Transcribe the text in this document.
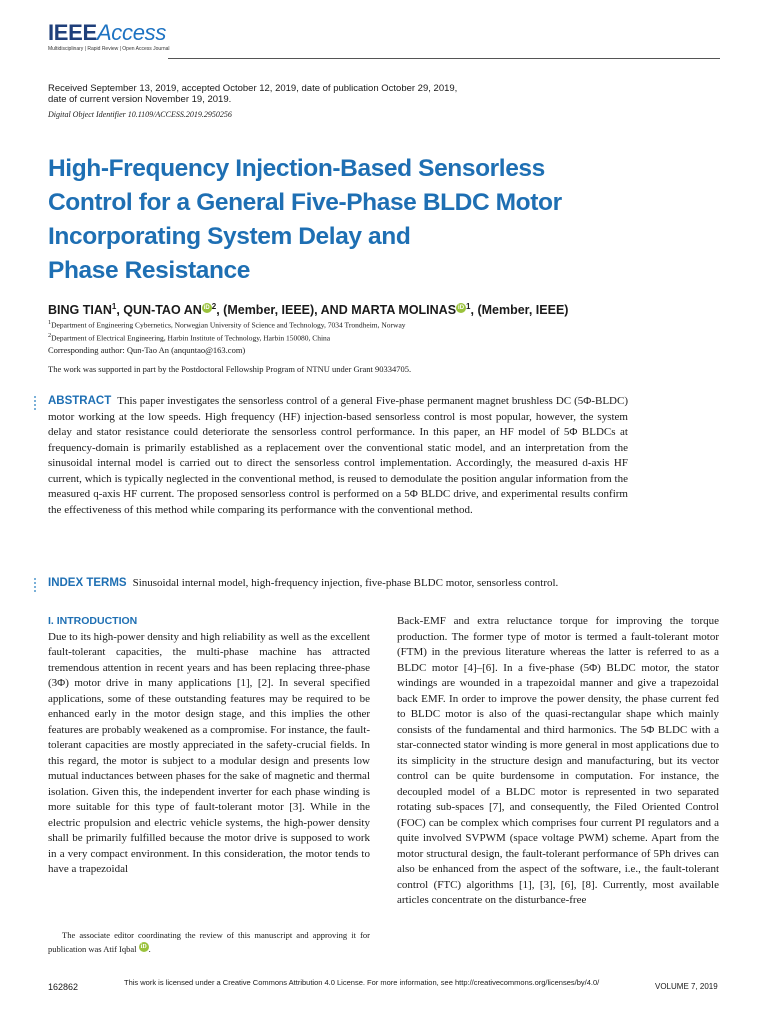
IEEEAccess
Multidisciplinary | Rapid Review | Open Access Journal
Received September 13, 2019, accepted October 12, 2019, date of publication October 29, 2019,
date of current version November 19, 2019.
Digital Object Identifier 10.1109/ACCESS.2019.2950256
High-Frequency Injection-Based Sensorless
Control for a General Five-Phase BLDC Motor
Incorporating System Delay and
Phase Resistance
BING TIAN$^1$, QUN-TAO AN iD $^2$, (Member, IEEE), AND MARTA MOLINAS iD $^1$, (Member, IEEE)
$^1$Department of Engineering Cybernetics, Norwegian University of Science and Technology, 7034 Trondheim, Norway
$^2$Department of Electrical Engineering, Harbin Institute of Technology, Harbin 150080, China
Corresponding author: Qun-Tao An (anquntao@163.com)
The work was supported in part by the Postdoctoral Fellowship Program of NTNU under Grant 90334705.

ABSTRACT This paper investigates the sensorless control of a general Five-phase permanent magnet brushless DC (5Φ-BLDC) motor working at the low speeds. High frequency (HF) injection-based sensorless control is most popular, however, the system delay and stator resistance could deteriorate the sensorless control performance. In this paper, an HF model of 5Φ BLDCs at frequency-domain is primarily established as a replacement over the conventional static model, and an interpretation from the sinusoidal internal model is carried out to direct the sensorless control implementation. Accordingly, the measured d-axis HF current, which is typically neglected in the conventional method, is reused to demodulate the position angular information from the measured q-axis HF current. The proposed sensorless control is performed on a 5Φ BLDC drive, and experimental results confirm the effectiveness of this method while comparing its performance with the conventional method.

INDEX TERMS Sinusoidal internal model, high-frequency injection, five-phase BLDC motor, sensorless control.
I. INTRODUCTION

Due to its high-power density and high reliability as well as the excellent fault-tolerant capacities, the multi-phase machine has attracted tremendous attention in recent years and has been replacing three-phase (3Φ) motor drive in many applications [1], [2]. In several specified applications, some of these outstanding features may be required to be enhanced early in the motor design stage, and this implies the other features are probably weakened as a compromise. For instance, the fault-tolerant capacities are mostly appreciated in the safety-crucial fields. In this regard, the motor is subject to a modular design and presents low mutual inductances between phases for the sake of magnetic and thermal isolation. Given this, the independent inverter for each phase winding is more suitable for this type of fault-tolerant motor [3]. While in the electric propulsion and electric vehicle systems, the high-power density shall be primarily fulfilled because the motor drive is supposed to work in a very compact environment. In this consideration, the motor tends to have a trapezoidal

Back-EMF and extra reluctance torque for improving the torque production. The former type of motor is termed a fault-tolerant motor (FTM) in the previous literature whereas the latter is referred to as a BLDC motor [4]–[6]. In a five-phase (5Φ) BLDC motor, the stator windings are wounded in a trapezoidal manner and give a trapezoidal back EMF. In order to improve the power density, the phase current fed to BLDC motor is also of the quasi-rectangular shape which mainly consists of the fundamental and third harmonics. The 5Φ BLDC with a star-connected stator winding is more general in most applications due to its simplicity in the structure design and manufacturing, but its vector control can be quite burdensome in computation. For instance, the decoupled model of a BLDC motor is represented in two separated rotating sub-spaces [7], and consequently, the Filed Oriented Control (FOC) can be complex which comprises four current PI regulators and a quite involved SVPWM (space voltage PWM) scheme. Apart from the motor structural design, the fault-tolerant performance of 5Ph drives can also be enhanced from the aspect of the software, i.e., the fault-tolerant control (FTC) algorithms [1], [3], [6], [8]. Currently, most available articles concentrate on the disturbance-free

The associate editor coordinating the review of this manuscript and approving it for publication was Atif Iqbal iD .
162862	This work is licensed under a Creative Commons Attribution 4.0 License. For more information, see http://creativecommons.org/licenses/by/4.0/	VOLUME 7, 2019
